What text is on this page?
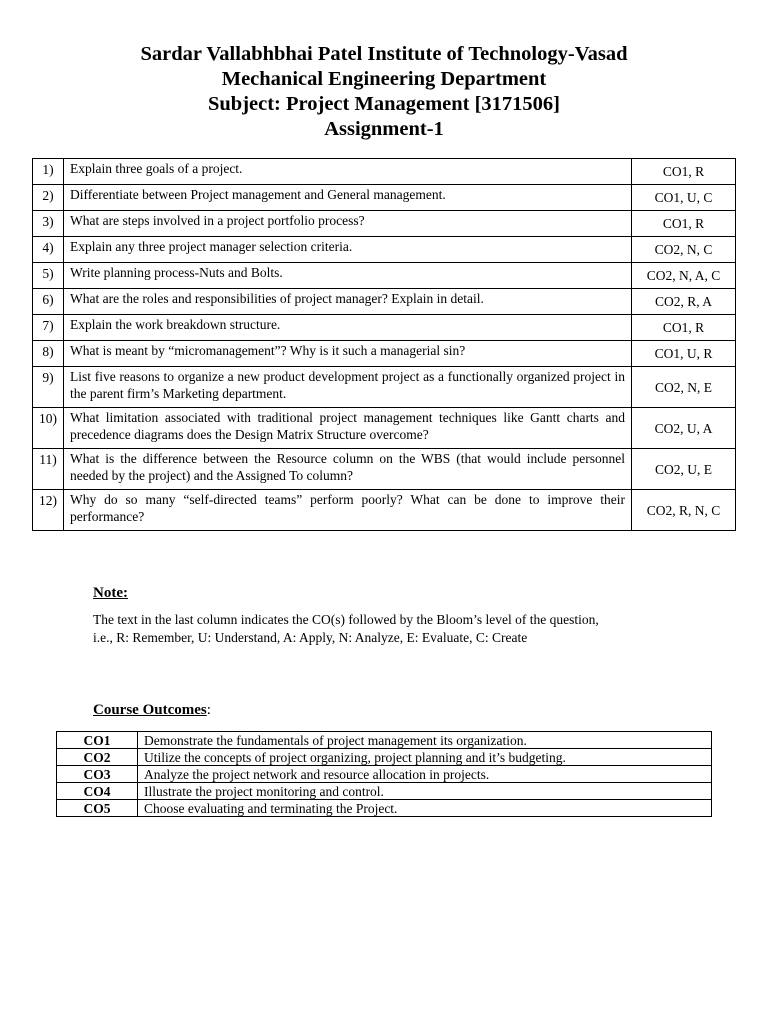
Sardar Vallabhbhai Patel Institute of Technology-Vasad
Mechanical Engineering Department
Subject: Project Management [3171506]
Assignment-1
1)	Explain three goals of a project.	CO1, R
2)	Differentiate between Project management and General management.	CO1, U, C
3)	What are steps involved in a project portfolio process?	CO1, R
4)	Explain any three project manager selection criteria.	CO2, N, C
5)	Write planning process-Nuts and Bolts.	CO2, N, A, C
6)	What are the roles and responsibilities of project manager? Explain in detail.	CO2, R, A
7)	Explain the work breakdown structure.	CO1, R
8)	What is meant by “micromanagement”? Why is it such a managerial sin?	CO1, U, R
9)	List five reasons to organize a new product development project as a functionally organized project in the parent firm’s Marketing department.	CO2, N, E
10)	What limitation associated with traditional project management techniques like Gantt charts and precedence diagrams does the Design Matrix Structure overcome?	CO2, U, A
11)	What is the difference between the Resource column on the WBS (that would include personnel needed by the project) and the Assigned To column?	CO2, U, E
12)	Why do so many “self-directed teams” perform poorly? What can be done to improve their performance?	CO2, R, N, C
Note:
The text in the last column indicates the CO(s) followed by the Bloom’s level of the question,
i.e., R: Remember, U: Understand, A: Apply, N: Analyze, E: Evaluate, C: Create
Course Outcomes:
CO1	Demonstrate the fundamentals of project management its organization.
CO2	Utilize the concepts of project organizing, project planning and it’s budgeting.
CO3	Analyze the project network and resource allocation in projects.
CO4	Illustrate the project monitoring and control.
CO5	Choose evaluating and terminating the Project.
